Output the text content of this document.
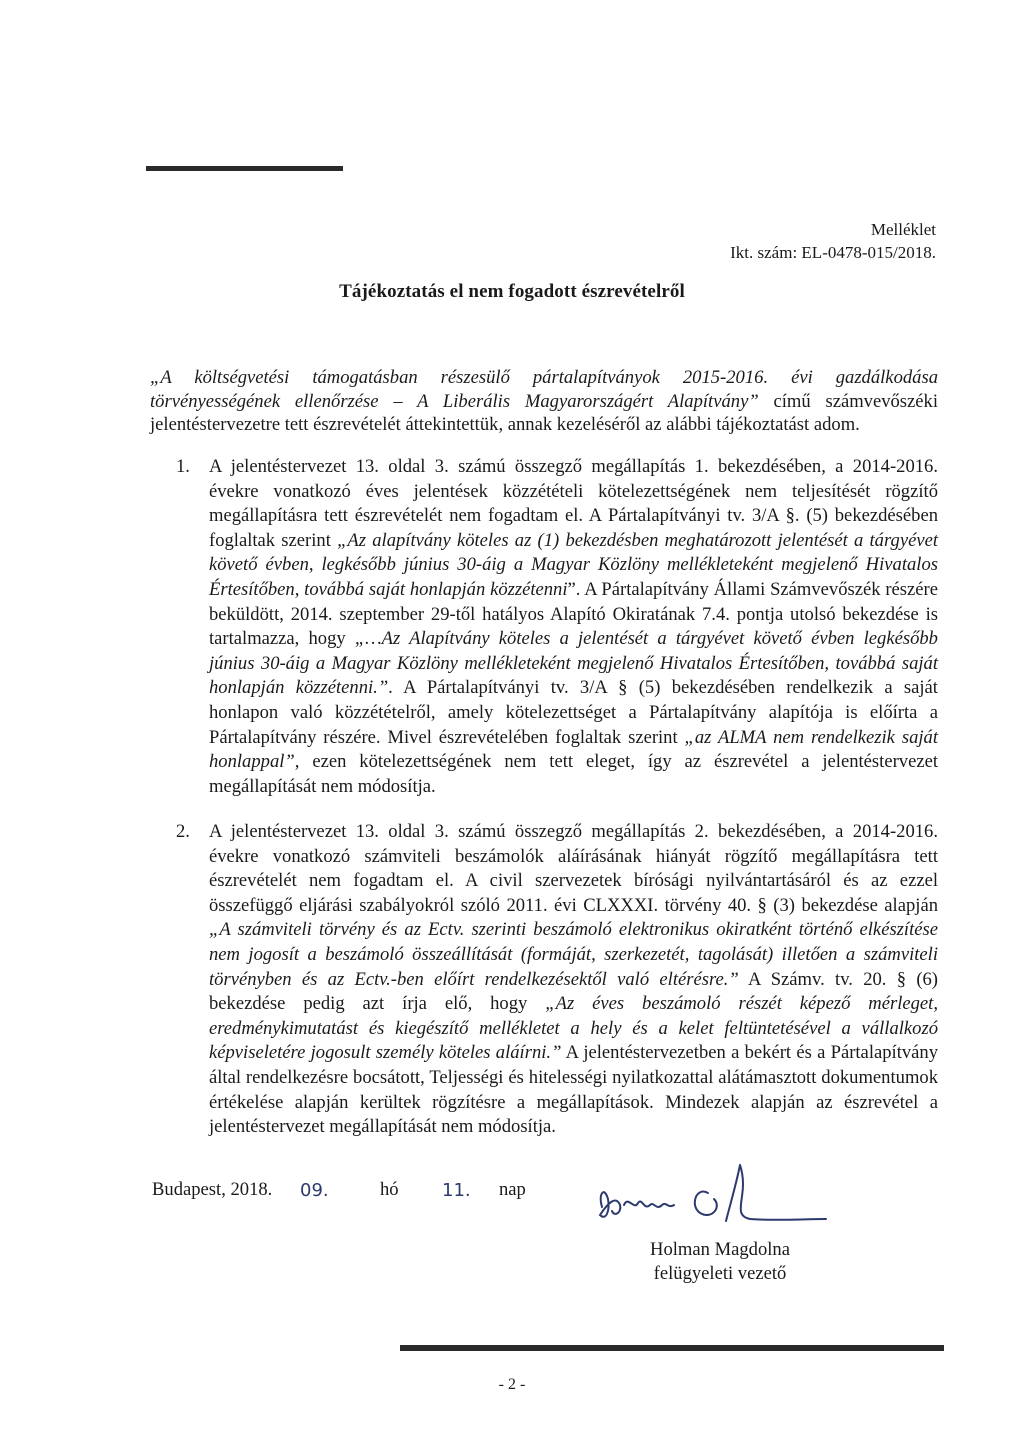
Melléklet
Ikt. szám: EL-0478-015/2018.
Tájékoztatás el nem fogadott észrevételről
„A költségvetési támogatásban részesülő pártalapítványok 2015-2016. évi gazdálkodása törvényességének ellenőrzése – A Liberális Magyarországért Alapítvány” című számvevőszéki jelentéstervezetre tett észrevételét áttekintettük, annak kezeléséről az alábbi tájékoztatást adom.
1. A jelentéstervezet 13. oldal 3. számú összegző megállapítás 1. bekezdésében, a 2014-2016. évekre vonatkozó éves jelentések közzétételi kötelezettségének nem teljesítését rögzítő megállapításra tett észrevételét nem fogadtam el. A Pártalapítványi tv. 3/A §. (5) bekezdésében foglaltak szerint „Az alapítvány köteles az (1) bekezdésben meghatározott jelentését a tárgyévet követő évben, legkésőbb június 30-áig a Magyar Közlöny mellékleteként megjelenő Hivatalos Értesítőben, továbbá saját honlapján közzétenni”. A Pártalapítvány Állami Számvevőszék részére beküldött, 2014. szeptember 29-től hatályos Alapító Okiratának 7.4. pontja utolsó bekezdése is tartalmazza, hogy „…Az Alapítvány köteles a jelentését a tárgyévet követő évben legkésőbb június 30-áig a Magyar Közlöny mellékleteként megjelenő Hivatalos Értesítőben, továbbá saját honlapján közzétenni.”. A Pártalapítványi tv. 3/A § (5) bekezdésében rendelkezik a saját honlapon való közzétételről, amely kötelezettséget a Pártalapítvány alapítója is előírta a Pártalapítvány részére. Mivel észrevételében foglaltak szerint „az ALMA nem rendelkezik saját honlappal”, ezen kötelezettségének nem tett eleget, így az észrevétel a jelentéstervezet megállapítását nem módosítja.
2. A jelentéstervezet 13. oldal 3. számú összegző megállapítás 2. bekezdésében, a 2014-2016. évekre vonatkozó számviteli beszámolók aláírásának hiányát rögzítő megállapításra tett észrevételét nem fogadtam el. A civil szervezetek bírósági nyilvántartásáról és az ezzel összefüggő eljárási szabályokról szóló 2011. évi CLXXXI. törvény 40. § (3) bekezdése alapján „A számviteli törvény és az Ectv. szerinti beszámoló elektronikus okiratként történő elkészítése nem jogosít a beszámoló összeállítását (formáját, szerkezetét, tagolását) illetően a számviteli törvényben és az Ectv.-ben előírt rendelkezésektől való eltérésre.” A Számv. tv. 20. § (6) bekezdése pedig azt írja elő, hogy „Az éves beszámoló részét képező mérleget, eredménykimutatást és kiegészítő mellékletet a hely és a kelet feltüntetésével a vállalkozó képviseletére jogosult személy köteles aláírni.” A jelentéstervezetben a bekért és a Pártalapítvány által rendelkezésre bocsátott, Teljességi és hitelességi nyilatkozattal alátámasztott dokumentumok értékelése alapján kerültek rögzítésre a megállapítások. Mindezek alapján az észrevétel a jelentéstervezet megállapítását nem módosítja.
Budapest, 2018. 09.	hó 11. nap
Holman Magdolna
felügyeleti vezető
- 2 -
